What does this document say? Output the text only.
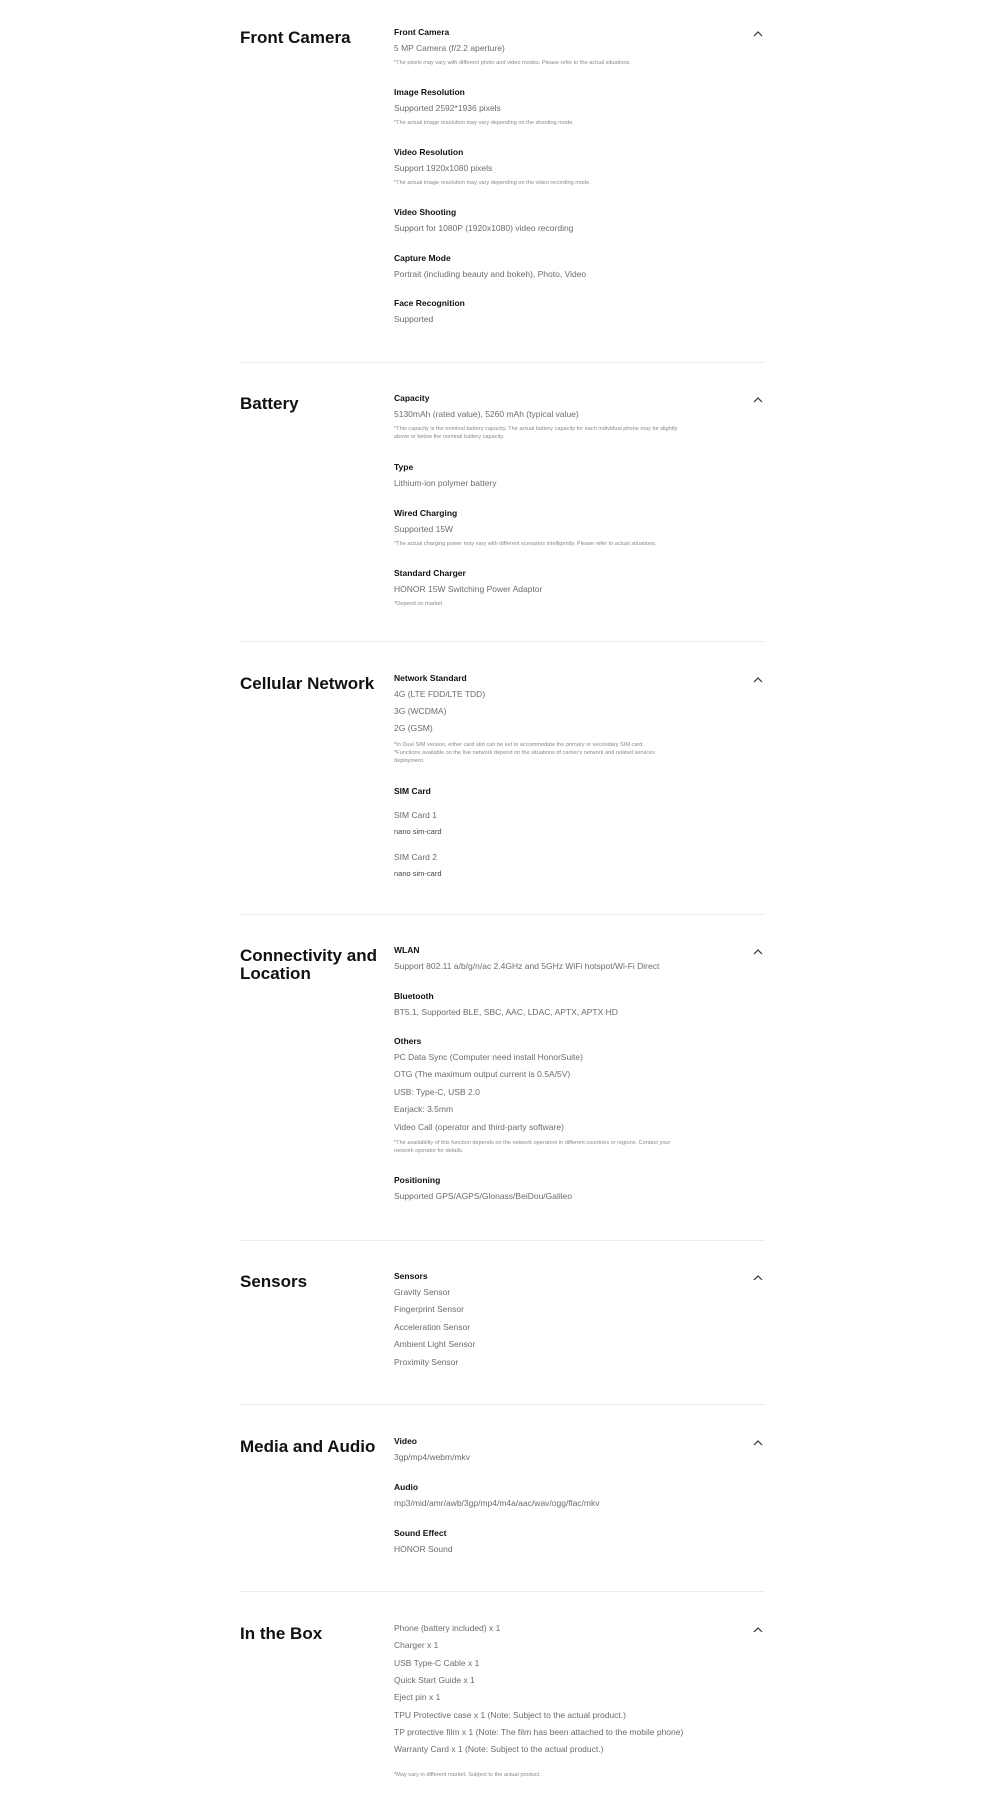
Front Camera	Front Camera
5 MP Camera (f/2.2 aperture)
*The pixels may vary with different photo and video modes. Please refer to the actual situations.
Image Resolution
Supported 2592*1936 pixels
*The actual image resolution may vary depending on the shooting mode.
Video Resolution
Support 1920x1080 pixels
*The actual image resolution may vary depending on the video recording mode.
Video Shooting
Support for 1080P (1920x1080) video recording
Capture Mode
Portrait (including beauty and bokeh), Photo, Video
Face Recognition
Supported
Battery	Capacity
5130mAh (rated value), 5260 mAh (typical value)
*This capacity is the nominal battery capacity. The actual battery capacity for each individual phone may be slightly
above or below the nominal battery capacity.
Type
Lithium-ion polymer battery
Wired Charging
Supported 15W
*The actual charging power may vary with different scenarios intelligently. Please refer to actual situations.
Standard Charger
HONOR 15W Switching Power Adaptor
*Depend on market
Cellular Network Network Standard
4G (LTE FDD/LTE TDD)
3G (WCDMA)
2G (GSM)
*In Dual SIM version, either card slot can be set to accommodate the primary or secondary SIM card.
*Functions available on the live network depend on the situations of carrier's network and related services
deployment.
SIM Card
SIM Card 1
nano sim-card
SIM Card 2
nano sim-card
Connectivity and
Location
WLAN
Support 802.11 a/b/g/n/ac 2.4GHz and 5GHz WiFi hotspot/Wi-Fi Direct
Bluetooth
BT5.1, Supported BLE, SBC, AAC, LDAC, APTX, APTX HD
Others
PC Data Sync (Computer need install HonorSuite)
OTG (The maximum output current is 0.5A/5V)
USB: Type-C, USB 2.0
Earjack: 3.5mm
Video Call (operator and third-party software)
*The availability of this function depends on the network operators in different countries or regions. Contact your
network operator for details.
Positioning
Supported GPS/AGPS/Glonass/BeiDou/Galileo
Sensors	Sensors
Gravity Sensor
Fingerprint Sensor
Acceleration Sensor
Ambient Light Sensor
Proximity Sensor
Media and Audio Video
3gp/mp4/webm/mkv
Audio
mp3/mid/amr/awb/3gp/mp4/m4a/aac/wav/ogg/flac/mkv
Sound Effect
HONOR Sound
In the Box	Phone (battery included) x 1
Charger x 1
USB Type-C Cable x 1
Quick Start Guide x 1
Eject pin x 1
TPU Protective case x 1 (Note: Subject to the actual product.)
TP protective film x 1 (Note: The film has been attached to the mobile phone)
Warranty Card x 1 (Note: Subject to the actual product.)
*May vary in different market. Subject to the actual product.
